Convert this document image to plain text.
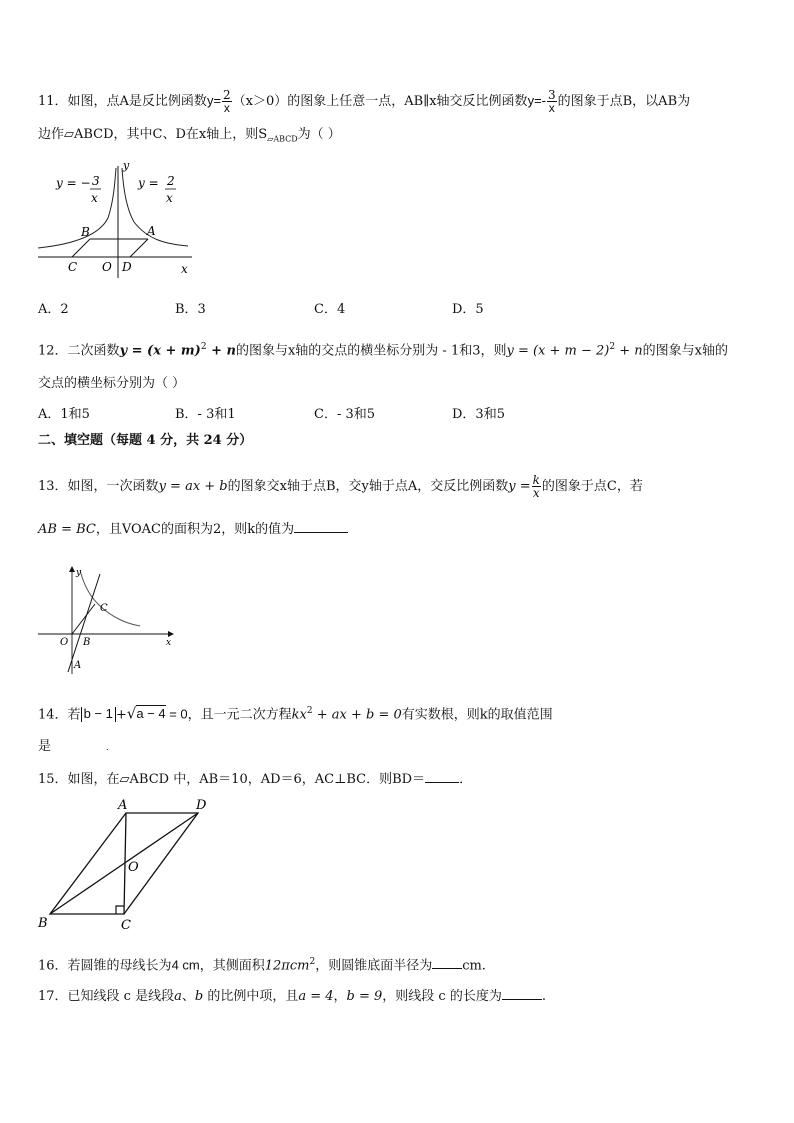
11．如图，点A是反比例函数$y= \frac{2}{x} (x>0)$的图象上任意一点，AB∥x轴交反比例函数$y=- \frac{3}{x}$ 的图象于点B，以AB为
边作▱ABCD，其中C、D在x轴上，则$S_{▱ABCD}$为（ ）
y = − 3
x
y = 2
x
y
x
B	A
C O D
A．2	B．3	C．4	D．5
12．二次函数$y = (x + m)^2 + n$的图象与x轴的交点的横坐标分别为 - 1和3，则$y = (x + m - 2)^2 + n$的图象与x轴的
交点的横坐标分别为（ ）
A．1和5	B．- 3和1	C．- 3和5	D．3和5
二、填空题（每题 4 分，共 24 分）
13．如图，一次函数y = ax + b的图象交x轴于点B，交y轴于点A，交反比例函数$y = \frac{k}{x}$ 的图象于点C，若
AB = BC，且VOAC的面积为2，则k的值为
y
x
O B
C
A
14．若 b − 1 +√a − 4 = 0，且一元二次方程$kx^2$ + ax + b = 0有实数根，则k的取值范围
是	.
15．如图，在▱ABCD 中，AB＝10，AD＝6，AC⊥BC．则BD＝	．
A	D
O
B	C
16．若圆锥的母线长为4 cm，其侧面积12πcm$^2$，则圆锥底面半径为 cm.
17．已知线段 c 是线段a、b 的比例中项，且a = 4，b = 9，则线段 c 的长度为	.
